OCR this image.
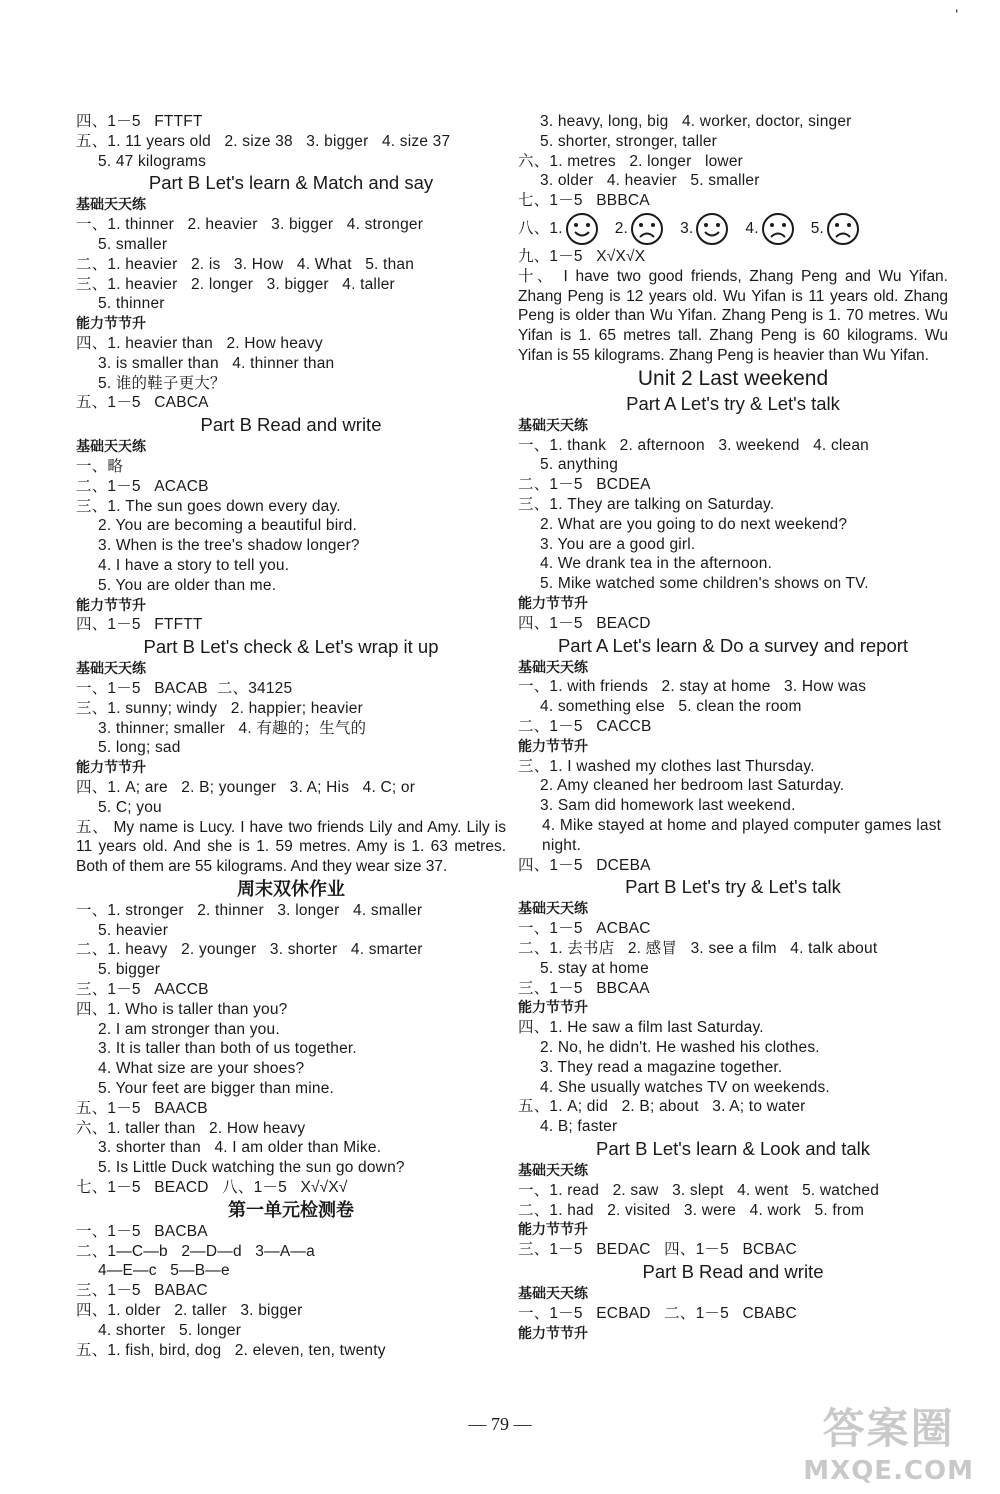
'
四、1－5   FTTFT
五、1. 11 years old   2. size 38   3. bigger   4. size 37
5. 47 kilograms
Part B Let's learn & Match and say
基础天天练
一、1. thinner   2. heavier   3. bigger   4. stronger
5. smaller
二、1. heavier   2. is   3. How   4. What   5. than
三、1. heavier   2. longer   3. bigger   4. taller
5. thinner
能力节节升
四、1. heavier than   2. How heavy
3. is smaller than   4. thinner than
5. 谁的鞋子更大？
五、1－5   CABCA
Part B Read and write
基础天天练
一、略
二、1－5   ACACB
三、1. The sun goes down every day.
2. You are becoming a beautiful bird.
3. When is the tree's shadow longer?
4. I have a story to tell you.
5. You are older than me.
能力节节升
四、1－5   FTFTT
Part B Let's check & Let's wrap it up
基础天天练
一、1－5   BACAB  二、34125
三、1. sunny; windy   2. happier; heavier
3. thinner; smaller   4. 有趣的；生气的
5. long; sad
能力节节升
四、1. A; are   2. B; younger   3. A; His   4. C; or
5. C; you
五、 My name is Lucy. I have two friends Lily and Amy. Lily is 11 years old. And she is 1. 59 metres. Amy is 1. 63 metres. Both of them are 55 kilograms. And they wear size 37.
周末双休作业
一、1. stronger   2. thinner   3. longer   4. smaller
5. heavier
二、1. heavy   2. younger   3. shorter   4. smarter
5. bigger
三、1－5   AACCB
四、1. Who is taller than you?
2. I am stronger than you.
3. It is taller than both of us together.
4. What size are your shoes?
5. Your feet are bigger than mine.
五、1－5   BAACB
六、1. taller than   2. How heavy
3. shorter than   4. I am older than Mike.
5. Is Little Duck watching the sun go down?
七、1－5   BEACD   八、1－5   X√√X√
第一单元检测卷
一、1－5   BACBA
二、1—C—b   2—D—d   3—A—a
4—E—c   5—B—e
三、1－5   BABAC
四、1. older   2. taller   3. bigger
4. shorter   5. longer
五、1. fish, bird, dog   2. eleven, ten, twenty
3. heavy, long, big   4. worker, doctor, singer
5. shorter, stronger, taller
六、1. metres   2. longer   lower
3. older   4. heavier   5. smaller
七、1－5   BBBCA
八、 1.	2.	3.	4.	5.
九、1－5   X√X√X
十、 I have two good friends, Zhang Peng and Wu Yifan. Zhang Peng is 12 years old. Wu Yifan is 11 years old. Zhang Peng is older than Wu Yifan. Zhang Peng is 1. 70 metres. Wu Yifan is 1. 65 metres tall. Zhang Peng is 60 kilograms. Wu Yifan is 55 kilograms. Zhang Peng is heavier than Wu Yifan.
Unit 2 Last weekend
Part A Let's try & Let's talk
基础天天练
一、1. thank   2. afternoon   3. weekend   4. clean
5. anything
二、1－5   BCDEA
三、1. They are talking on Saturday.
2. What are you going to do next weekend?
3. You are a good girl.
4. We drank tea in the afternoon.
5. Mike watched some children's shows on TV.
能力节节升
四、1－5   BEACD
Part A Let's learn & Do a survey and report
基础天天练
一、1. with friends   2. stay at home   3. How was
4. something else   5. clean the room
二、1－5   CACCB
能力节节升
三、1. I washed my clothes last Thursday.
2. Amy cleaned her bedroom last Saturday.
3. Sam did homework last weekend.
4. Mike stayed at home and played computer games last night.
四、1－5   DCEBA
Part B Let's try & Let's talk
基础天天练
一、1－5   ACBAC
二、1. 去书店   2. 感冒   3. see a film   4. talk about
5. stay at home
三、1－5   BBCAA
能力节节升
四、1. He saw a film last Saturday.
2. No, he didn't. He washed his clothes.
3. They read a magazine together.
4. She usually watches TV on weekends.
五、1. A; did   2. B; about   3. A; to water
4. B; faster
Part B Let's learn & Look and talk
基础天天练
一、1. read   2. saw   3. slept   4. went   5. watched
二、1. had   2. visited   3. were   4. work   5. from
能力节节升
三、1－5   BEDAC   四、1－5   BCBAC
Part B Read and write
基础天天练
一、1－5   ECBAD   二、1－5   CBABC
能力节节升
— 79 —	答案圈
MXQE.COM
